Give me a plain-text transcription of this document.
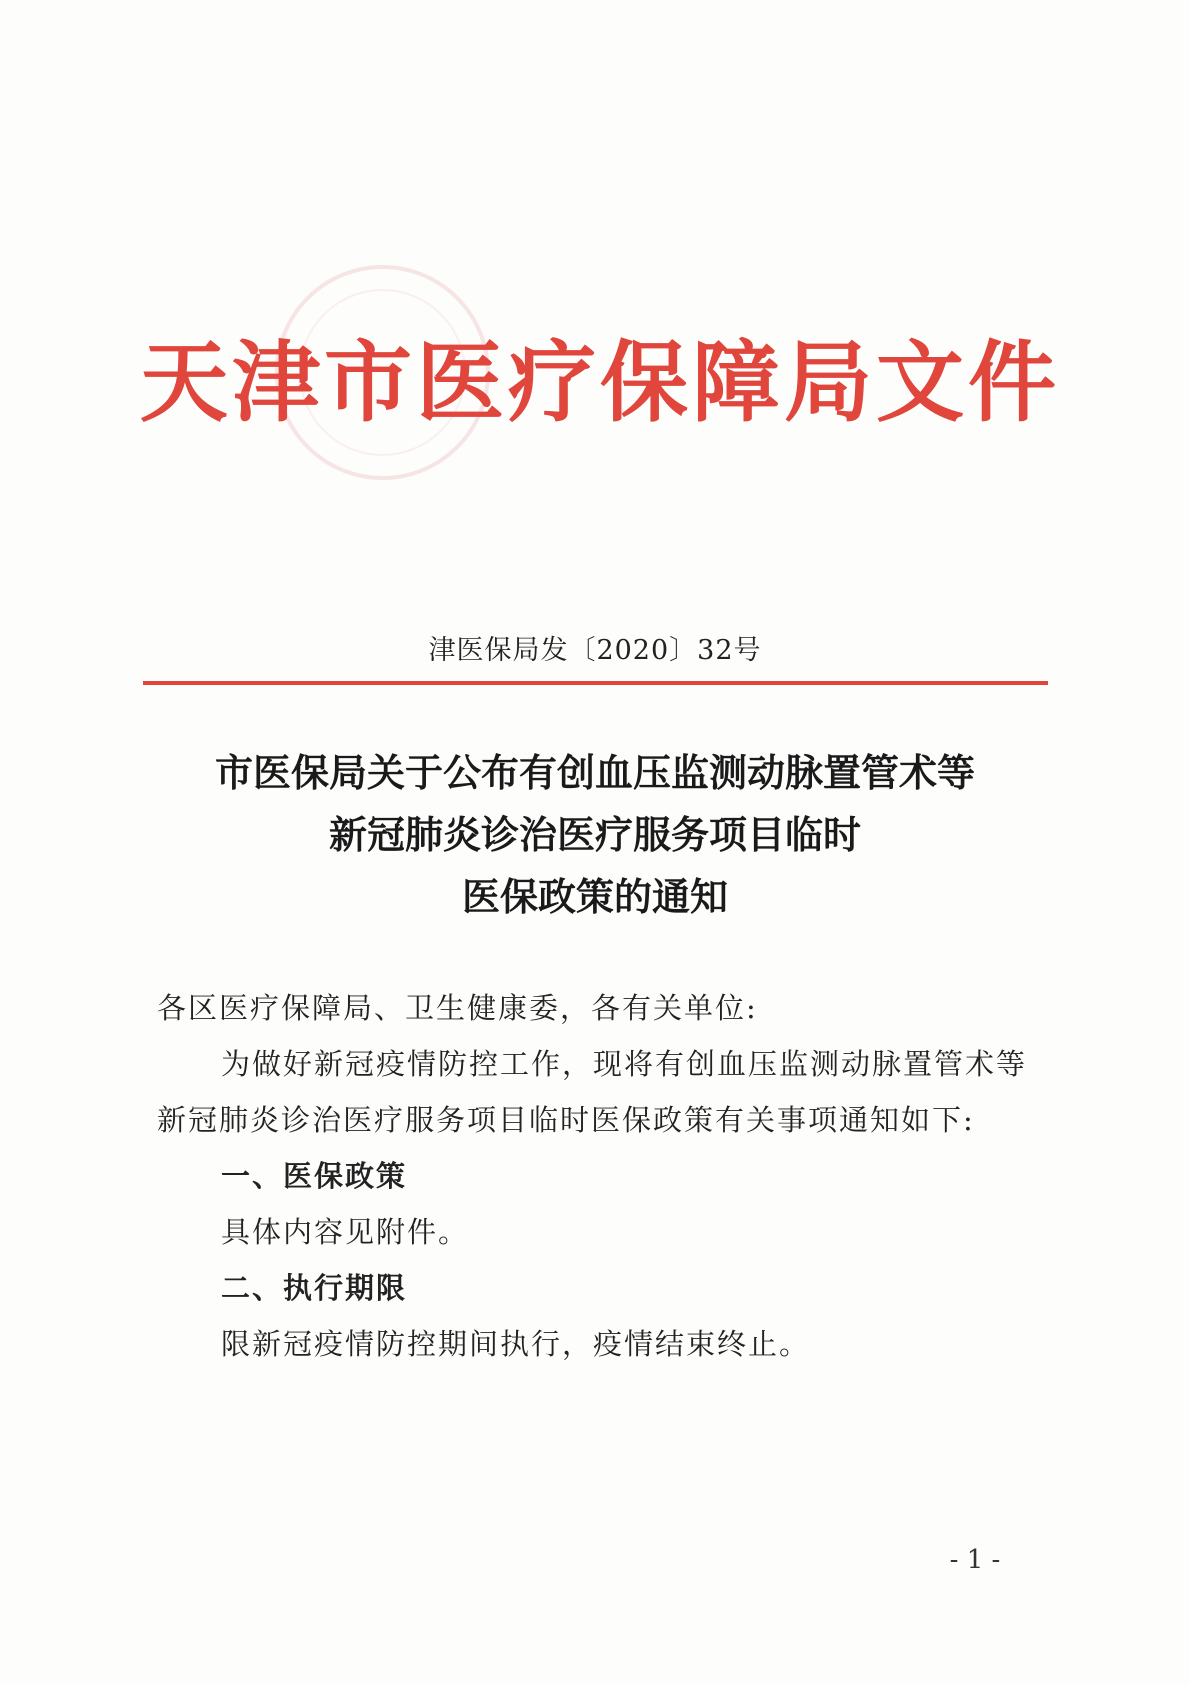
天津市医疗保障局文件
津医保局发〔2020〕32号
市医保局关于公布有创血压监测动脉置管术等
新冠肺炎诊治医疗服务项目临时
医保政策的通知

各区医疗保障局、卫生健康委，各有关单位:

为做好新冠疫情防控工作，现将有创血压监测动脉置管术等

新冠肺炎诊治医疗服务项目临时医保政策有关事项通知如下:

一、医保政策

具体内容见附件。

二、执行期限

限新冠疫情防控期间执行，疫情结束终止。

- 1 -
